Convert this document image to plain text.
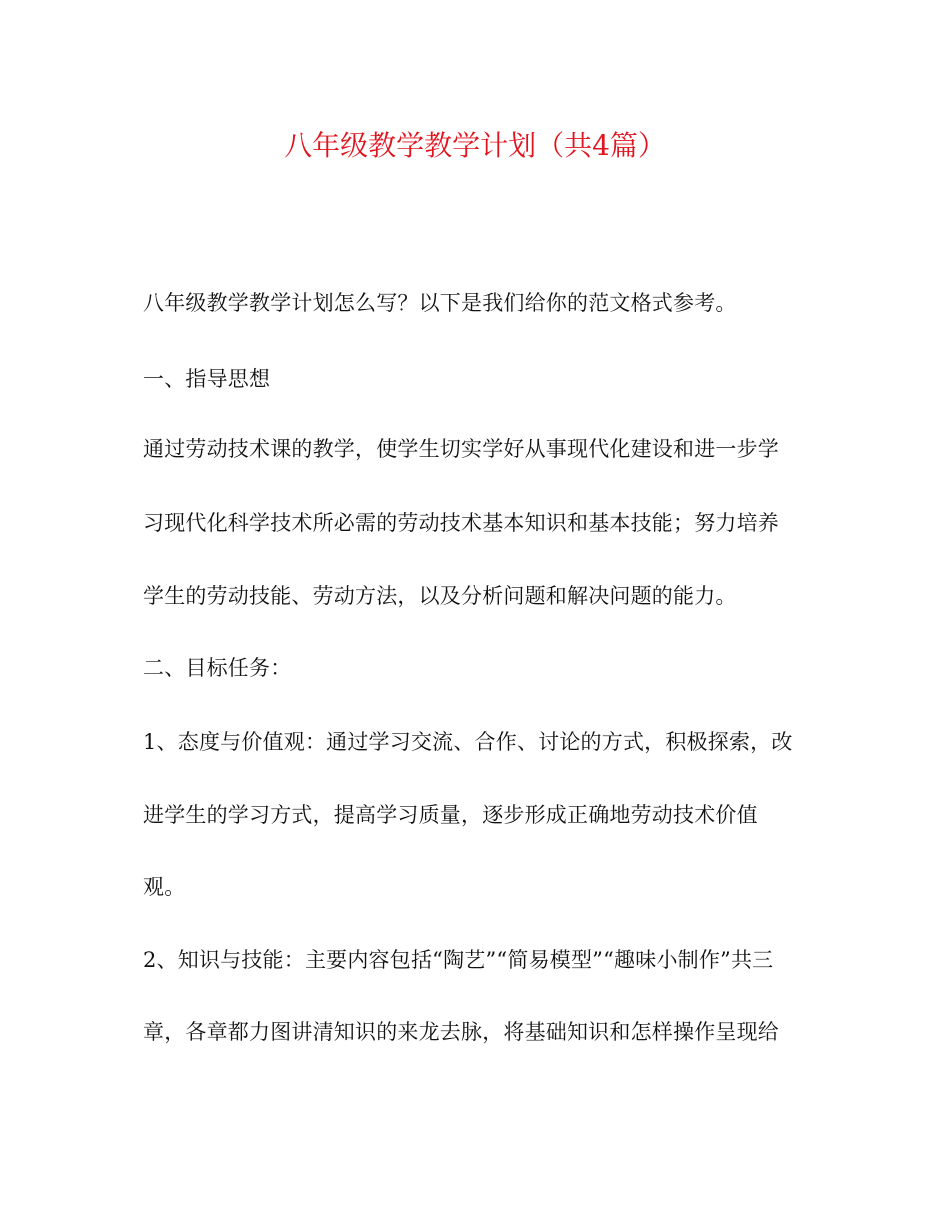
八年级教学教学计划（共4篇）
八年级教学教学计划怎么写？以下是我们给你的范文格式参考。
一、指导思想
通过劳动技术课的教学，使学生切实学好从事现代化建设和进一步学
习现代化科学技术所必需的劳动技术基本知识和基本技能；努力培养
学生的劳动技能、劳动方法，以及分析问题和解决问题的能力。
二、目标任务：
1、态度与价值观：通过学习交流、合作、讨论的方式，积极探索，改
进学生的学习方式，提高学习质量，逐步形成正确地劳动技术价值
观。
2、知识与技能：主要内容包括“陶艺”“简易模型”“趣味小制作”共三
章，各章都力图讲清知识的来龙去脉，将基础知识和怎样操作呈现给
